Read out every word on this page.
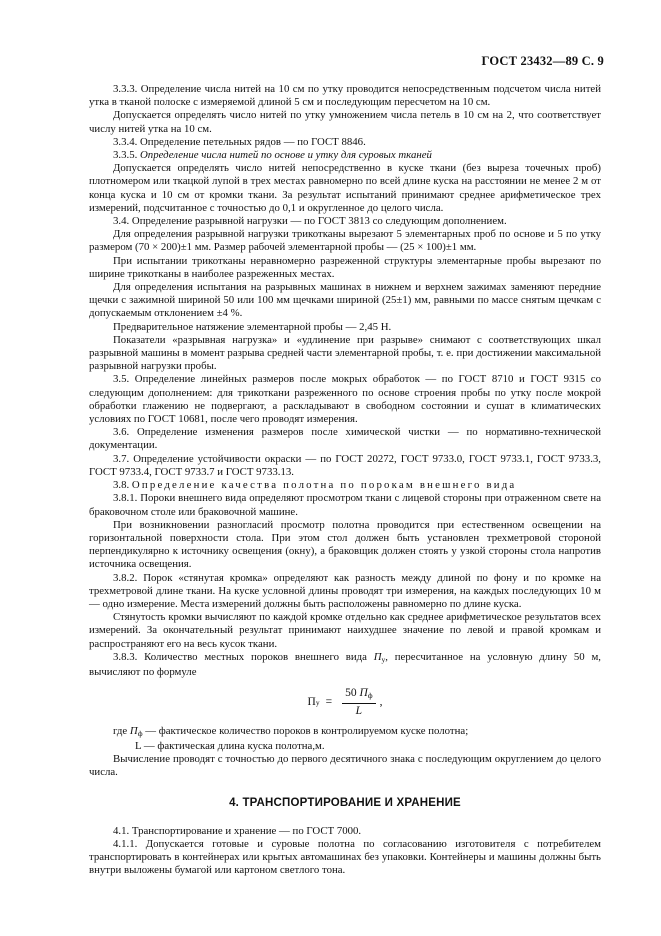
ГОСТ 23432—89 С. 9

3.3.3. Определение числа нитей на 10 см по утку проводится непосредственным подсчетом числа нитей утка в тканой полоске с измеряемой длиной 5 см и последующим пересчетом на 10 см.

Допускается определять число нитей по утку умножением числа петель в 10 см на 2, что соответствует числу нитей утка на 10 см.

3.3.4. Определение петельных рядов — по ГОСТ 8846.

3.3.5. Определение числа нитей по основе и утку для суровых тканей

Допускается определять число нитей непосредственно в куске ткани (без выреза точечных проб) плотномером или ткацкой лупой в трех местах равномерно по всей длине куска на расстоянии не менее 2 м от конца куска и 10 см от кромки ткани. За результат испытаний принимают среднее арифметическое трех измерений, подсчитанное с точностью до 0,1 и округленное до целого числа.

3.4. Определение разрывной нагрузки — по ГОСТ 3813 со следующим дополнением.

Для определения разрывной нагрузки трикотканы вырезают 5 элементарных проб по основе и 5 по утку размером (70 × 200)±1 мм. Размер рабочей элементарной пробы — (25 × 100)±1 мм.

При испытании трикотканы неравномерно разреженной структуры элементарные пробы вырезают по ширине трикотканы в наиболее разреженных местах.

Для определения испытания на разрывных машинах в нижнем и верхнем зажимах заменяют передние щечки с зажимной шириной 50 или 100 мм щечками шириной (25±1) мм, равными по массе снятым щечкам с допускаемым отклонением ±4 %.

Предварительное натяжение элементарной пробы — 2,45 Н.

Показатели «разрывная нагрузка» и «удлинение при разрыве» снимают с соответствующих шкал разрывной машины в момент разрыва средней части элементарной пробы, т. е. при достижении максимальной разрывной нагрузки пробы.

3.5. Определение линейных размеров после мокрых обработок — по ГОСТ 8710 и ГОСТ 9315 со следующим дополнением: для трикоткани разреженного по основе строения пробы по утку после мокрой обработки глажению не подвергают, а раскладывают в свободном состоянии и сушат в климатических условиях по ГОСТ 10681, после чего проводят измерения.

3.6. Определение изменения размеров после химической чистки — по нормативно-технической документации.

3.7. Определение устойчивости окраски — по ГОСТ 20272, ГОСТ 9733.0, ГОСТ 9733.1, ГОСТ 9733.3, ГОСТ 9733.4, ГОСТ 9733.7 и ГОСТ 9733.13.

3.8. Определение качества полотна по порокам внешнего вида

3.8.1. Пороки внешнего вида определяют просмотром ткани с лицевой стороны при отраженном свете на браковочном столе или браковочной машине.

При возникновении разногласий просмотр полотна проводится при естественном освещении на горизонтальной поверхности стола. При этом стол должен быть установлен трехметровой стороной перпендикулярно к источнику освещения (окну), а браковщик должен стоять у узкой стороны стола напротив источника освещения.

3.8.2. Порок «стянутая кромка» определяют как разность между длиной по фону и по кромке на трехметровой длине ткани. На куске условной длины проводят три измерения, на каждых последующих 10 м — одно измерение. Места измерений должны быть расположены равномерно по длине куска.

Стянутость кромки вычисляют по каждой кромке отдельно как среднее арифметическое результатов всех измерений. За окончательный результат принимают наихудшее значение по левой и правой кромкам и распространяют его на весь кусок ткани.

3.8.3. Количество местных пороков внешнего вида $П_у$, пересчитанное на условную длину 50 м, вычисляют по формуле

П $у = \frac{50 П_ф}{L}$ ,

где $П_ф$ — фактическое количество пороков в контролируемом куске полотна;

L — фактическая длина куска полотна,м.

Вычисление проводят с точностью до первого десятичного знака с последующим округлением до целого числа.

4. ТРАНСПОРТИРОВАНИЕ И ХРАНЕНИЕ

4.1. Транспортирование и хранение — по ГОСТ 7000.

4.1.1. Допускается готовые и суровые полотна по согласованию изготовителя с потребителем транспортировать в контейнерах или крытых автомашинах без упаковки. Контейнеры и машины должны быть внутри выложены бумагой или картоном светлого тона.
